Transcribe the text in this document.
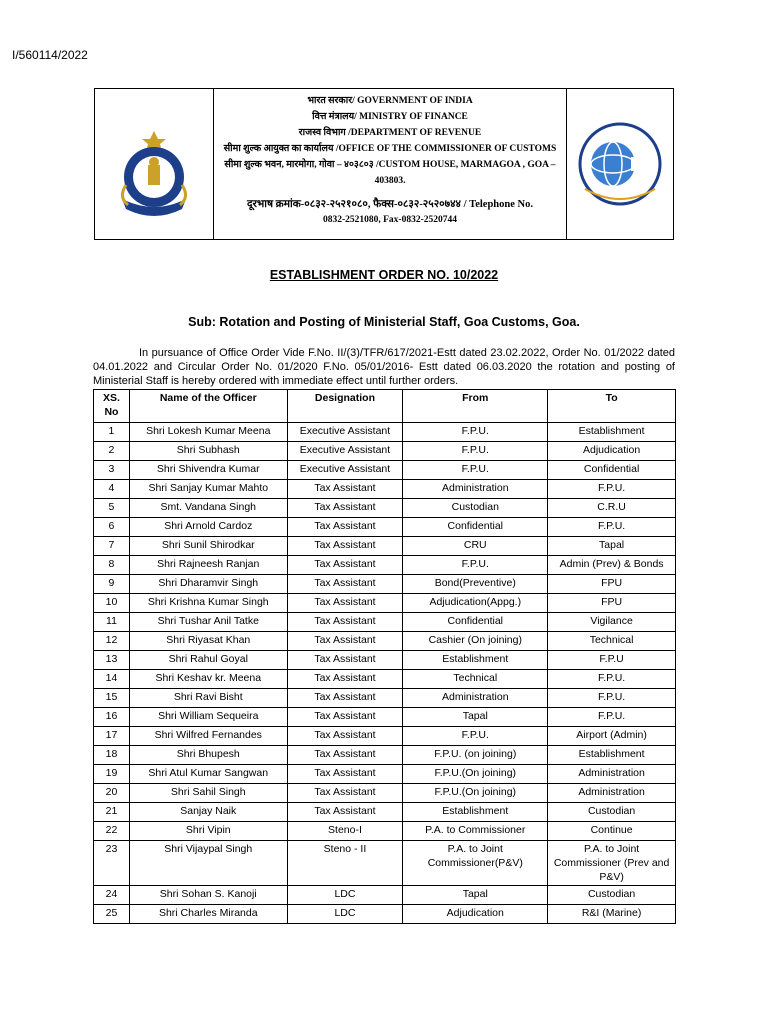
I/560114/2022
भारत सरकार/ GOVERNMENT OF INDIA
वित्त मंत्रालय/ MINISTRY OF FINANCE
राजस्व विभाग /DEPARTMENT OF REVENUE
सीमा शुल्क आयुक्त का कार्यालय /OFFICE OF THE COMMISSIONER OF CUSTOMS
सीमा शुल्क भवन, मारमोगा, गोवा – ४०३८०३ /CUSTOM HOUSE, MARMAGOA , GOA – 403803.
दूरभाष क्रमांक-०८३२-२५२१०८०, फैक्स-०८३२-२५२०७४४ / Telephone No.
0832-2521080, Fax-0832-2520744
ESTABLISHMENT ORDER NO. 10/2022
Sub: Rotation and Posting of Ministerial Staff, Goa Customs, Goa.
In pursuance of Office Order Vide F.No. II/(3)/TFR/617/2021-Estt dated 23.02.2022, Order No. 01/2022 dated 04.01.2022 and Circular Order No. 01/2020 F.No. 05/01/2016- Estt dated 06.03.2020 the rotation and posting of Ministerial Staff is hereby ordered with immediate effect until further orders.
XS. No	Name of the Officer	Designation	From	To
1	Shri Lokesh Kumar Meena	Executive Assistant	F.P.U.	Establishment
2	Shri Subhash	Executive Assistant	F.P.U.	Adjudication
3	Shri Shivendra Kumar	Executive Assistant	F.P.U.	Confidential
4	Shri Sanjay Kumar Mahto	Tax Assistant	Administration	F.P.U.
5	Smt. Vandana Singh	Tax Assistant	Custodian	C.R.U
6	Shri Arnold Cardoz	Tax Assistant	Confidential	F.P.U.
7	Shri Sunil Shirodkar	Tax Assistant	CRU	Tapal
8	Shri Rajneesh Ranjan	Tax Assistant	F.P.U.	Admin (Prev) & Bonds
9	Shri Dharamvir Singh	Tax Assistant	Bond(Preventive)	FPU
10	Shri Krishna Kumar Singh	Tax Assistant	Adjudication(Appg.)	FPU
11	Shri Tushar Anil Tatke	Tax Assistant	Confidential	Vigilance
12	Shri Riyasat Khan	Tax Assistant	Cashier (On joining)	Technical
13	Shri Rahul Goyal	Tax Assistant	Establishment	F.P.U
14	Shri Keshav kr. Meena	Tax Assistant	Technical	F.P.U.
15	Shri Ravi Bisht	Tax Assistant	Administration	F.P.U.
16	Shri William Sequeira	Tax Assistant	Tapal	F.P.U.
17	Shri Wilfred Fernandes	Tax Assistant	F.P.U.	Airport (Admin)
18	Shri Bhupesh	Tax Assistant	F.P.U. (on joining)	Establishment
19	Shri Atul Kumar Sangwan	Tax Assistant	F.P.U.(On joining)	Administration
20	Shri Sahil Singh	Tax Assistant	F.P.U.(On joining)	Administration
21	Sanjay Naik	Tax Assistant	Establishment	Custodian
22	Shri Vipin	Steno-I	P.A. to Commissioner	Continue
23	Shri Vijaypal Singh	Steno - II	P.A. to Joint Commissioner(P&V)	P.A. to Joint Commissioner (Prev and P&V)
24	Shri Sohan S. Kanoji	LDC	Tapal	Custodian
25	Shri Charles Miranda	LDC	Adjudication	R&I (Marine)
